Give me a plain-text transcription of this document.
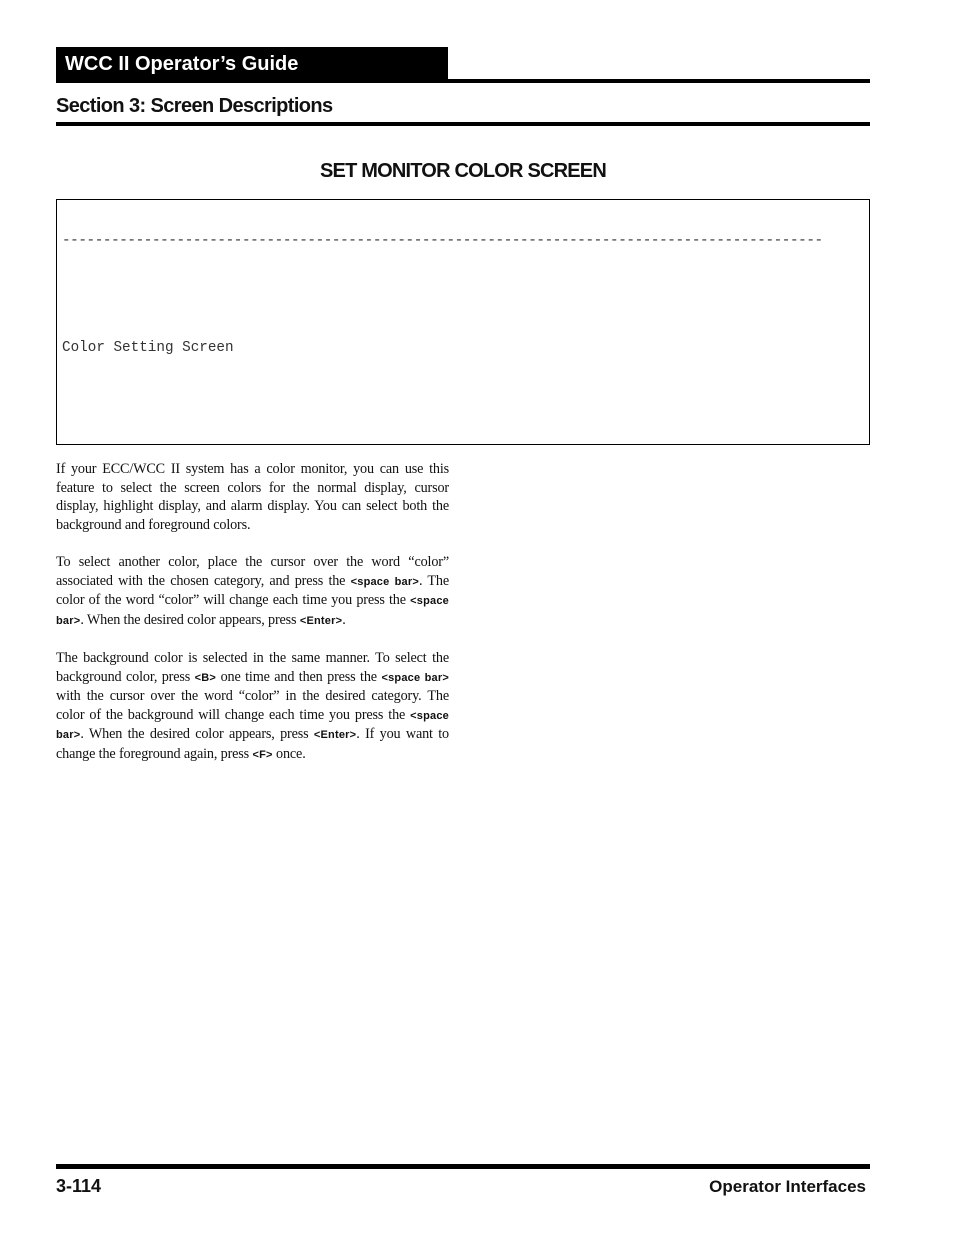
WCC II Operator’s Guide
Section 3: Screen Descriptions
SET MONITOR COLOR SCREEN

---------------------------------------------------------------------------------------------

Color Setting Screen

If your ECC/WCC II system has a color monitor, you can use this feature to select the screen colors for the normal display, cursor display, highlight display, and alarm display. You can select both the background and foreground colors.

To select another color, place the cursor over the word “color” associated with the chosen category, and press the <space bar>. The color of the word “color” will change each time you press the <space bar>. When the desired color appears, press <Enter>.

The background color is selected in the same manner. To select the background color, press <B> one time and then press the <space bar> with the cursor over the word “color” in the desired category. The color of the background will change each time you press the <space bar>. When the desired color appears, press <Enter>. If you want to change the foreground again, press <F> once.

3-114	Operator Interfaces
